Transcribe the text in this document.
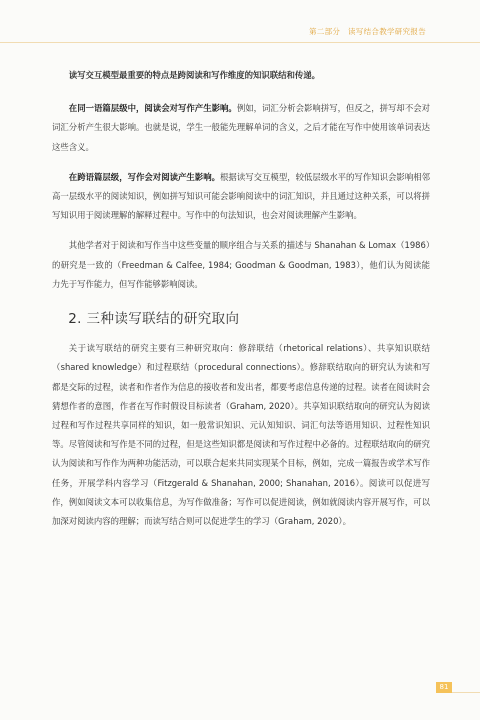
第二部分　读写结合教学研究报告

读写交互模型最重要的特点是跨阅读和写作维度的知识联结和传递。

在同一语篇层级中，阅读会对写作产生影响。例如，词汇分析会影响拼写，但反之，拼写却不会对词汇分析产生很大影响。也就是说，学生一般能先理解单词的含义，之后才能在写作中使用该单词表达这些含义。

在跨语篇层级，写作会对阅读产生影响。根据读写交互模型，较低层级水平的写作知识会影响相邻高一层级水平的阅读知识，例如拼写知识可能会影响阅读中的词汇知识，并且通过这种关系，可以将拼写知识用于阅读理解的解释过程中。写作中的句法知识，也会对阅读理解产生影响。

其他学者对于阅读和写作当中这些变量的顺序组合与关系的描述与 Shanahan & Lomax（1986）的研究是一致的（Freedman & Calfee, 1984; Goodman & Goodman, 1983），他们认为阅读能力先于写作能力，但写作能够影响阅读。

2. 三种读写联结的研究取向

关于读写联结的研究主要有三种研究取向：修辞联结（rhetorical relations）、共享知识联结（shared knowledge）和过程联结（procedural connections）。修辞联结取向的研究认为读和写都是交际的过程，读者和作者作为信息的接收者和发出者，都要考虑信息传递的过程。读者在阅读时会猜想作者的意图，作者在写作时假设目标读者（Graham, 2020）。共享知识联结取向的研究认为阅读过程和写作过程共享同样的知识，如一般常识知识、元认知知识、词汇句法等语用知识、过程性知识等。尽管阅读和写作是不同的过程，但是这些知识都是阅读和写作过程中必备的。过程联结取向的研究认为阅读和写作作为两种功能活动，可以联合起来共同实现某个目标，例如，完成一篇报告或学术写作任务，开展学科内容学习（Fitzgerald & Shanahan, 2000; Shanahan, 2016）。阅读可以促进写作，例如阅读文本可以收集信息，为写作做准备；写作可以促进阅读，例如就阅读内容开展写作，可以加深对阅读内容的理解；而读写结合则可以促进学生的学习（Graham, 2020）。

81
